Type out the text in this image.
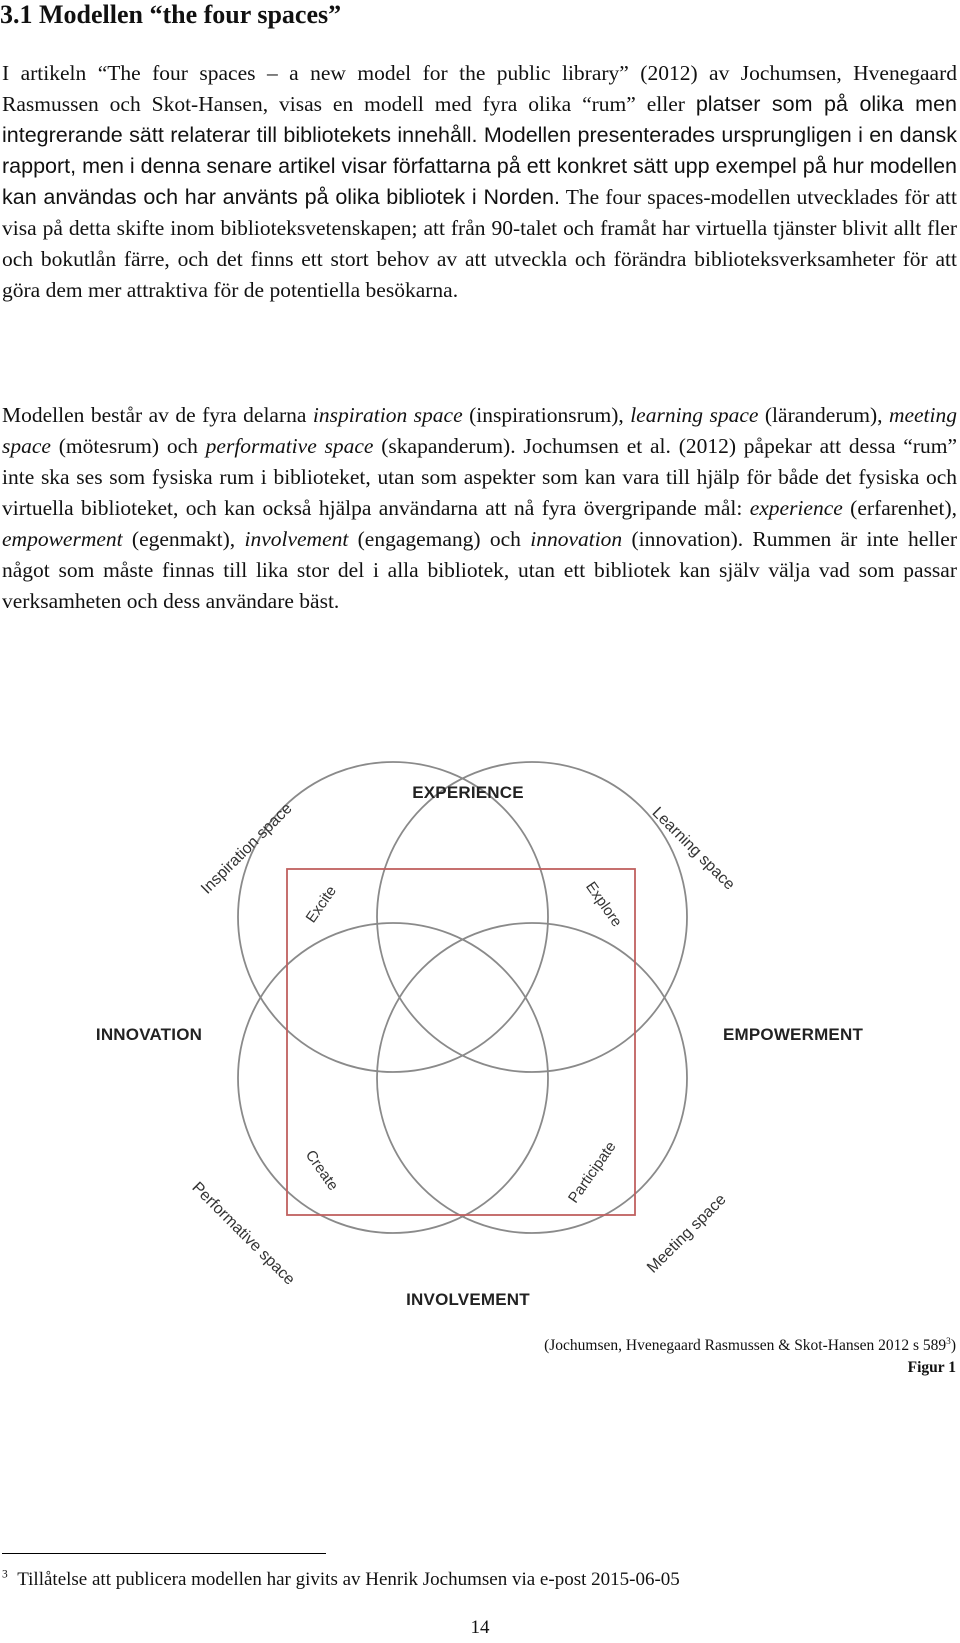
3.1 Modellen “the four spaces”

I artikeln “The four spaces – a new model for the public library” (2012) av Jochumsen, Hvenegaard Rasmussen och Skot-Hansen, visas en modell med fyra olika “rum” eller platser som på olika men integrerande sätt relaterar till bibliotekets innehåll. Modellen presenterades ursprungligen i en dansk rapport, men i denna senare artikel visar författarna på ett konkret sätt upp exempel på hur modellen kan användas och har använts på olika bibliotek i Norden. The four spaces-modellen utvecklades för att visa på detta skifte inom biblioteksvetenskapen; att från 90-talet och framåt har virtuella tjänster blivit allt fler och bokutlån färre, och det finns ett stort behov av att utveckla och förändra biblioteksverksamheter för att göra dem mer attraktiva för de potentiella besökarna.

Modellen består av de fyra delarna inspiration space (inspirationsrum), learning space (läranderum), meeting space (mötesrum) och performative space (skapanderum). Jochumsen et al. (2012) påpekar att dessa “rum” inte ska ses som fysiska rum i biblioteket, utan som aspekter som kan vara till hjälp för både det fysiska och virtuella biblioteket, och kan också hjälpa användarna att nå fyra övergripande mål: experience (erfarenhet), empowerment (egenmakt), involvement (engagemang) och innovation (innovation). Rummen är inte heller något som måste finnas till lika stor del i alla bibliotek, utan ett bibliotek kan själv välja vad som passar verksamheten och dess användare bäst.

EXPERIENCE
INNOVATION	EMPOWERMENT
INVOLVEMENT
Inspiration space	Learning space
Performative space	Meeting space
Excite	Explore
Create	Participate

(Jochumsen, Hvenegaard Rasmussen & Skot-Hansen 2012 s $589^3$)

Figur 1

$^3$ Tillåtelse att publicera modellen har givits av Henrik Jochumsen via e-post 2015-06-05

14
